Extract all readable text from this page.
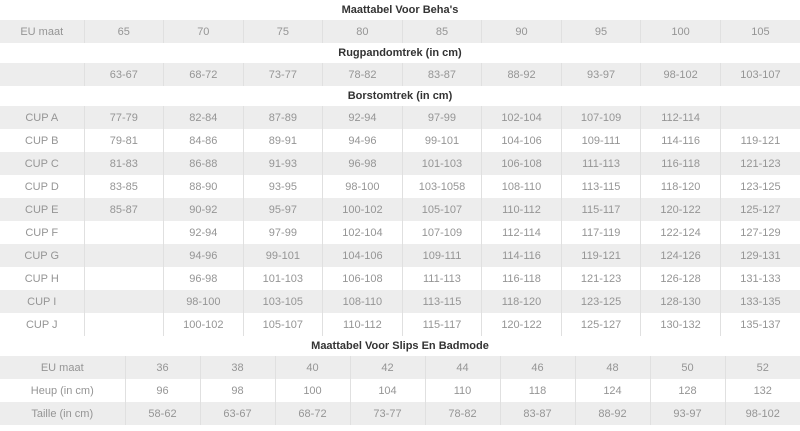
Maattabel Voor Beha's									
EU maat	65	70	75	80	85	90	95	100	105
Rugpandomtrek (in cm)									
	63-67	68-72	73-77	78-82	83-87	88-92	93-97	98-102	103-107
Borstomtrek (in cm)									
CUP A	77-79	82-84	87-89	92-94	97-99	102-104	107-109	112-114	
CUP B	79-81	84-86	89-91	94-96	99-101	104-106	109-111	114-116	119-121
CUP C	81-83	86-88	91-93	96-98	101-103	106-108	111-113	116-118	121-123
CUP D	83-85	88-90	93-95	98-100	103-1058	108-110	113-115	118-120	123-125
CUP E	85-87	90-92	95-97	100-102	105-107	110-112	115-117	120-122	125-127
CUP F		92-94	97-99	102-104	107-109	112-114	117-119	122-124	127-129
CUP G		94-96	99-101	104-106	109-111	114-116	119-121	124-126	129-131
CUP H		96-98	101-103	106-108	111-113	116-118	121-123	126-128	131-133
CUP I		98-100	103-105	108-110	113-115	118-120	123-125	128-130	133-135
CUP J		100-102	105-107	110-112	115-117	120-122	125-127	130-132	135-137
Maattabel Voor Slips En Badmode									
EU maat	36	38	40	42	44	46	48	50	52
Heup (in cm)	96	98	100	104	110	118	124	128	132
Taille (in cm)	58-62	63-67	68-72	73-77	78-82	83-87	88-92	93-97	98-102
